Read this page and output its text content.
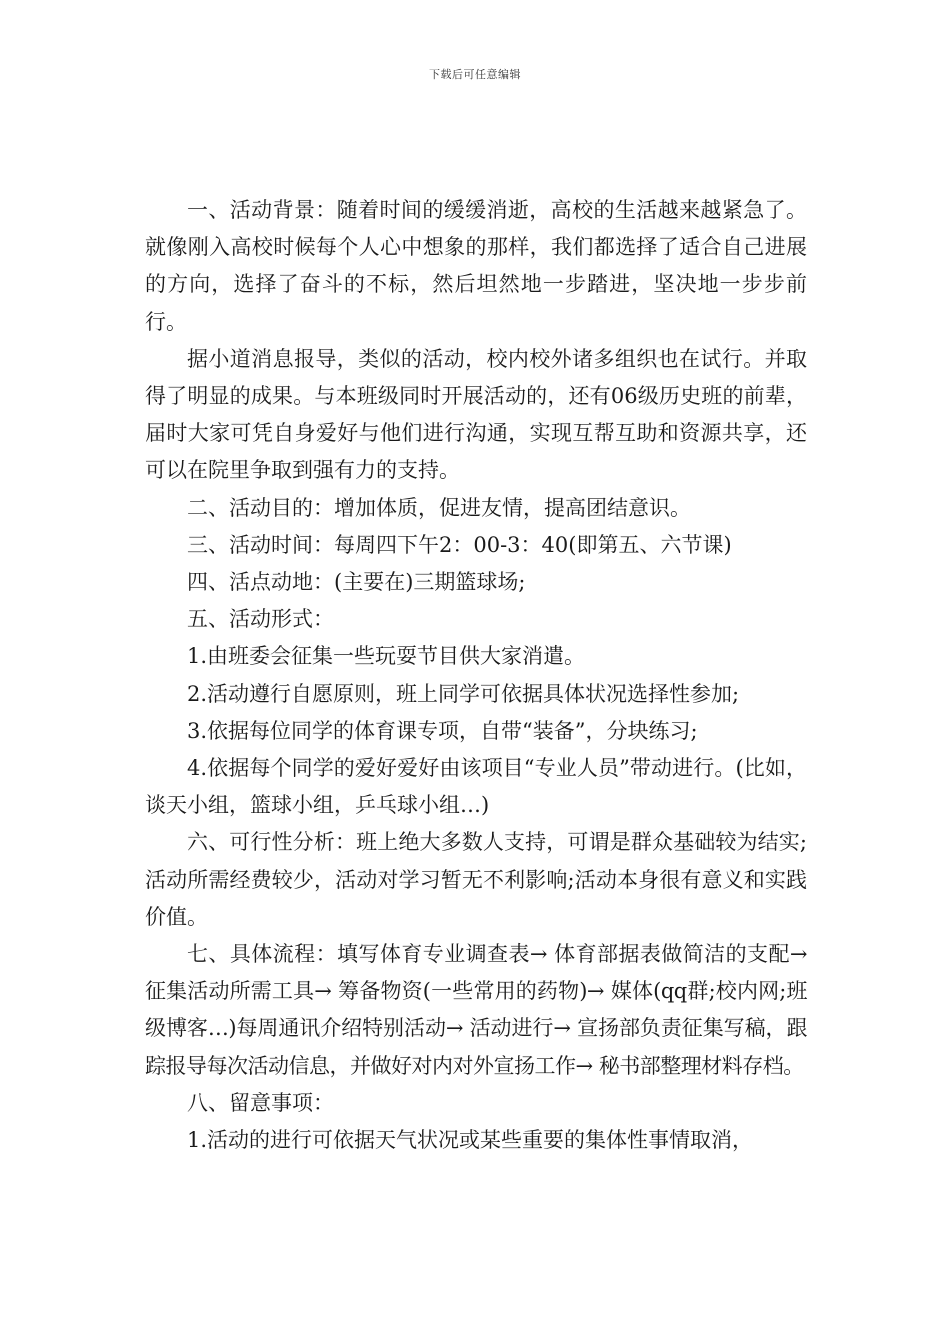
下载后可任意编辑

一、活动背景：随着时间的缓缓消逝，高校的生活越来越紧急了。就像刚入高校时候每个人心中想象的那样，我们都选择了适合自己进展的方向，选择了奋斗的不标，然后坦然地一步踏进，坚决地一步步前行。

据小道消息报导，类似的活动，校内校外诸多组织也在试行。并取得了明显的成果。与本班级同时开展活动的，还有06级历史班的前辈，届时大家可凭自身爱好与他们进行沟通，实现互帮互助和资源共享，还可以在院里争取到强有力的支持。

二、活动目的：增加体质，促进友情，提高团结意识。

三、活动时间：每周四下午2：00-3：40(即第五、六节课)

四、活点动地：(主要在)三期篮球场;

五、活动形式：

1.由班委会征集一些玩耍节目供大家消遣。

2.活动遵行自愿原则，班上同学可依据具体状况选择性参加;

3.依据每位同学的体育课专项，自带“装备”，分块练习;

4.依据每个同学的爱好爱好由该项目“专业人员”带动进行。(比如，谈天小组，篮球小组，乒乓球小组…)

六、可行性分析：班上绝大多数人支持，可谓是群众基础较为结实;活动所需经费较少，活动对学习暂无不利影响;活动本身很有意义和实践价值。

七、具体流程：填写体育专业调查表→ 体育部据表做简洁的支配→ 征集活动所需工具→ 筹备物资(一些常用的药物)→ 媒体(qq群;校内网;班级博客…)每周通讯介绍特别活动→ 活动进行→ 宣扬部负责征集写稿，跟踪报导每次活动信息，并做好对内对外宣扬工作→ 秘书部整理材料存档。

八、留意事项：

1.活动的进行可依据天气状况或某些重要的集体性事情取消，
